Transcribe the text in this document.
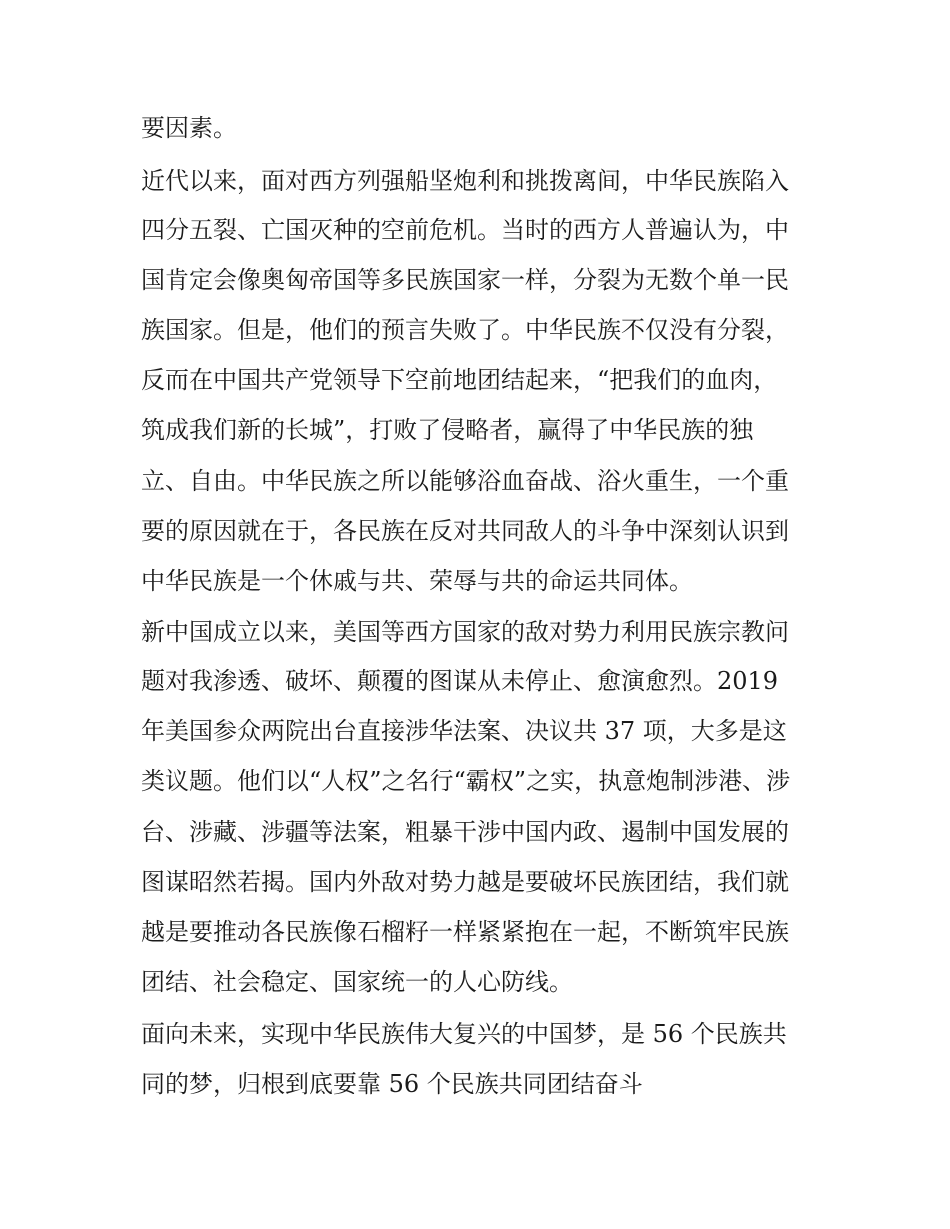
要因素。
近代以来，面对西方列强船坚炮利和挑拨离间，中华民族陷入
四分五裂、亡国灭种的空前危机。当时的西方人普遍认为，中
国肯定会像奥匈帝国等多民族国家一样，分裂为无数个单一民
族国家。但是，他们的预言失败了。中华民族不仅没有分裂，
反而在中国共产党领导下空前地团结起来，“把我们的血肉，
筑成我们新的长城”，打败了侵略者，赢得了中华民族的独
立、自由。中华民族之所以能够浴血奋战、浴火重生，一个重
要的原因就在于，各民族在反对共同敌人的斗争中深刻认识到
中华民族是一个休戚与共、荣辱与共的命运共同体。
新中国成立以来，美国等西方国家的敌对势力利用民族宗教问
题对我渗透、破坏、颠覆的图谋从未停止、愈演愈烈。2019
年美国参众两院出台直接涉华法案、决议共 37 项，大多是这
类议题。他们以“人权”之名行“霸权”之实，执意炮制涉港、涉
台、涉藏、涉疆等法案，粗暴干涉中国内政、遏制中国发展的
图谋昭然若揭。国内外敌对势力越是要破坏民族团结，我们就
越是要推动各民族像石榴籽一样紧紧抱在一起，不断筑牢民族
团结、社会稳定、国家统一的人心防线。
面向未来，实现中华民族伟大复兴的中国梦，是 56 个民族共
同的梦，归根到底要靠 56 个民族共同团结奋斗
